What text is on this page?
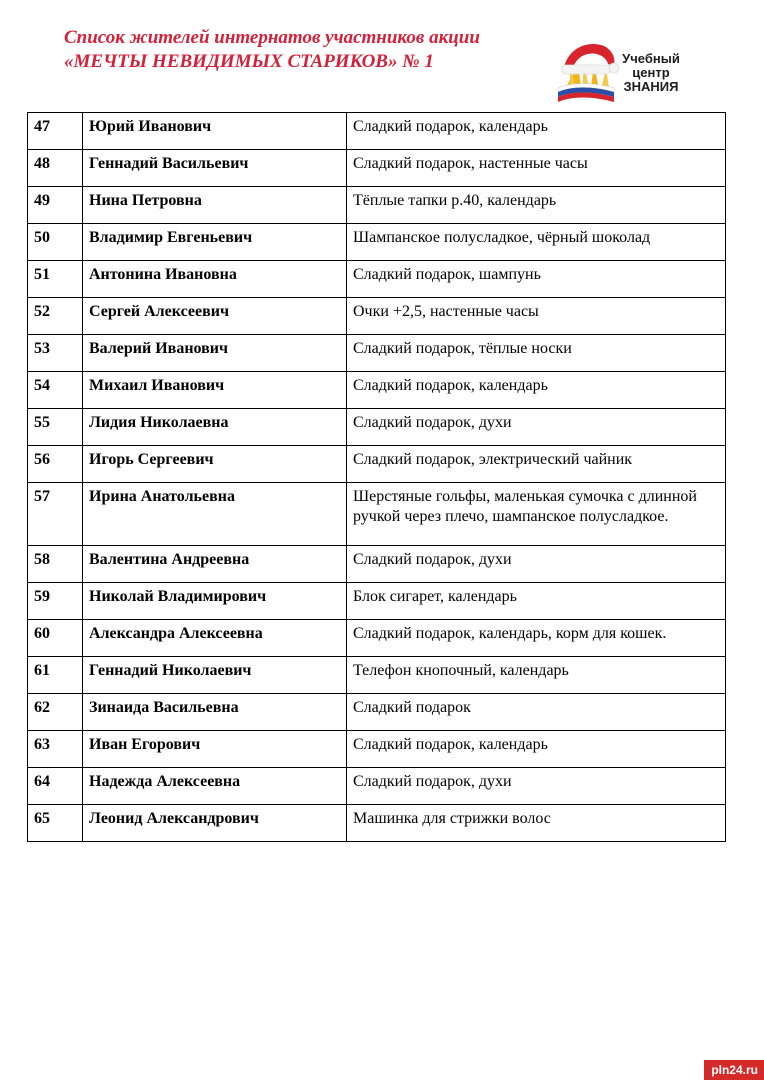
Список жителей интернатов участников акции
«МЕЧТЫ НЕВИДИМЫХ СТАРИКОВ» № 1	Учебный
центр
ЗНАНИЯ
47	Юрий Иванович	Сладкий подарок, календарь
48	Геннадий Васильевич	Сладкий подарок, настенные часы
49	Нина Петровна	Тёплые тапки р.40, календарь
50	Владимир Евгеньевич	Шампанское полусладкое, чёрный шоколад
51	Антонина Ивановна	Сладкий подарок, шампунь
52	Сергей Алексеевич	Очки +2,5, настенные часы
53	Валерий Иванович	Сладкий подарок, тёплые носки
54	Михаил Иванович	Сладкий подарок, календарь
55	Лидия Николаевна	Сладкий подарок, духи
56	Игорь Сергеевич	Сладкий подарок, электрический чайник
57	Ирина Анатольевна	Шерстяные гольфы, маленькая сумочка с длинной ручкой через плечо, шампанское полусладкое.
58	Валентина Андреевна	Сладкий подарок, духи
59	Николай Владимирович	Блок сигарет, календарь
60	Александра Алексеевна	Сладкий подарок, календарь, корм для кошек.
61	Геннадий Николаевич	Телефон кнопочный, календарь
62	Зинаида Васильевна	Сладкий подарок
63	Иван Егорович	Сладкий подарок, календарь
64	Надежда Алексеевна	Сладкий подарок, духи
65	Леонид Александрович	Машинка для стрижки волос
pln24.ru
